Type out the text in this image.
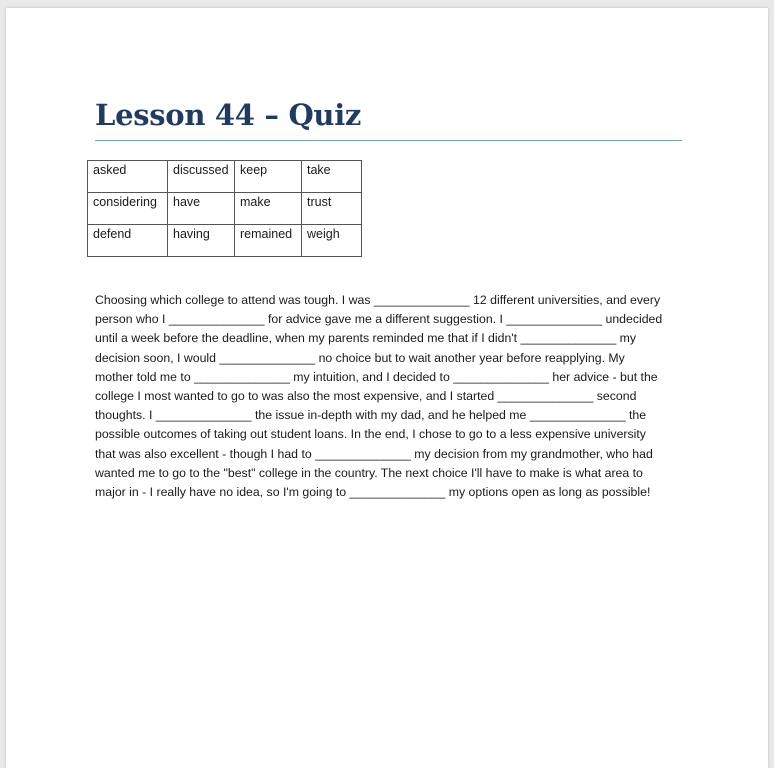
Lesson 44 – Quiz
asked	discussed	keep	take
considering	have	make	trust
defend	having	remained	weigh
Choosing which college to attend was tough. I was ______________ 12 different universities, and every
person who I ______________ for advice gave me a different suggestion. I ______________ undecided
until a week before the deadline, when my parents reminded me that if I didn't ______________ my
decision soon, I would ______________ no choice but to wait another year before reapplying. My
mother told me to ______________ my intuition, and I decided to ______________ her advice - but the
college I most wanted to go to was also the most expensive, and I started ______________ second
thoughts. I ______________ the issue in-depth with my dad, and he helped me ______________ the
possible outcomes of taking out student loans. In the end, I chose to go to a less expensive university
that was also excellent - though I had to ______________ my decision from my grandmother, who had
wanted me to go to the "best" college in the country. The next choice I'll have to make is what area to
major in - I really have no idea, so I'm going to ______________ my options open as long as possible!
